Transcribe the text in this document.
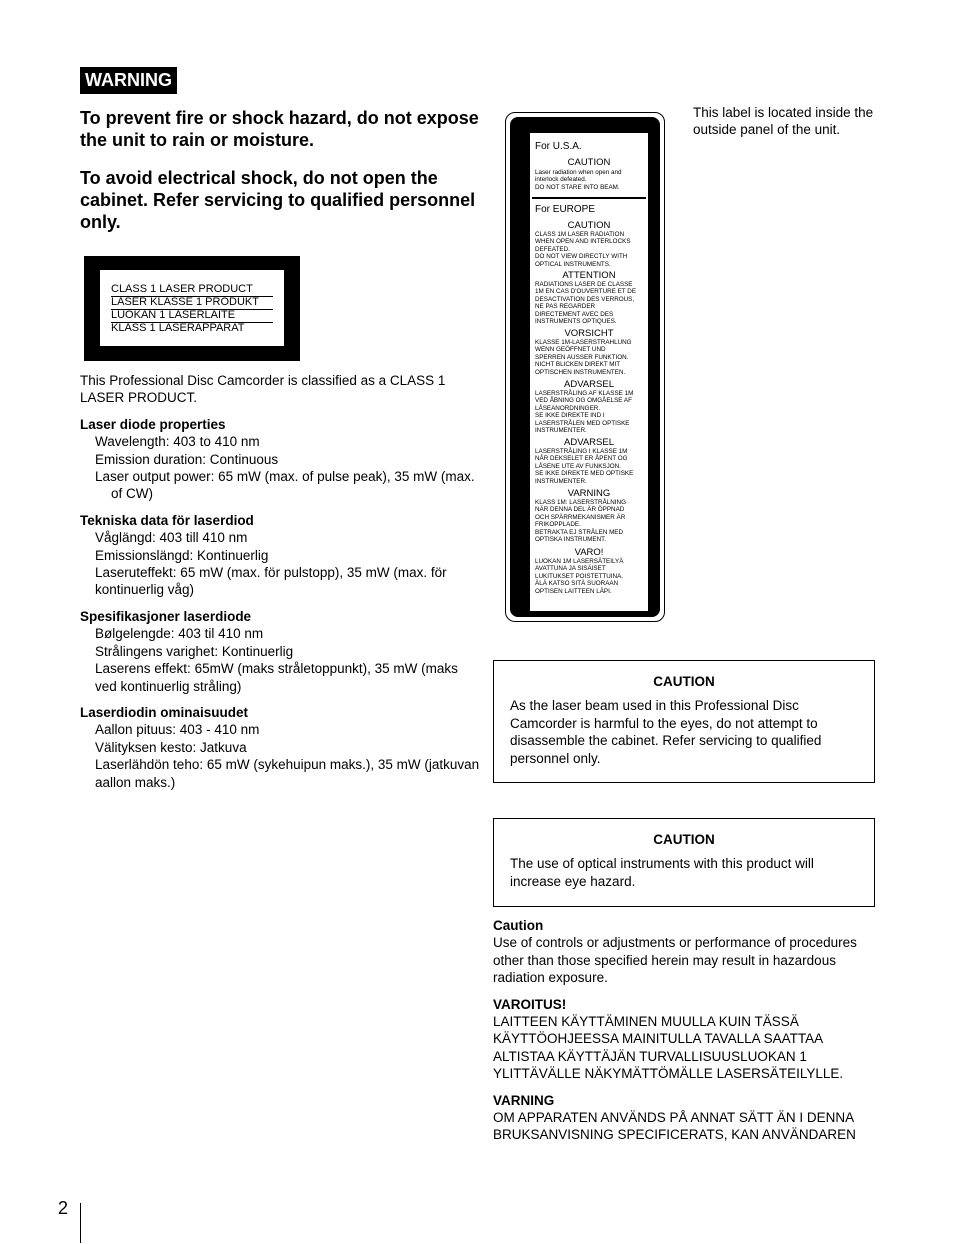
WARNING

To prevent fire or shock hazard, do not expose the unit to rain or moisture.

To avoid electrical shock, do not open the cabinet. Refer servicing to qualified personnel only.

CLASS 1 LASER PRODUCT
LASER KLASSE 1 PRODUKT
LUOKAN 1 LASERLAITE
KLASS 1 LASERAPPARAT
This Professional Disc Camcorder is classified as a CLASS 1 LASER PRODUCT.
Laser diode properties
Wavelength: 403 to 410 nm
Emission duration: Continuous
Laser output power: 65 mW (max. of pulse peak), 35 mW (max. of CW)
Tekniska data för laserdiod
Våglängd: 403 till 410 nm
Emissionslängd: Kontinuerlig
Laseruteffekt: 65 mW (max. för pulstopp), 35 mW (max. för kontinuerlig våg)
Spesifikasjoner laserdiode
Bølgelengde: 403 til 410 nm
Strålingens varighet: Kontinuerlig
Laserens effekt: 65mW (maks stråletoppunkt), 35 mW (maks ved kontinuerlig stråling)
Laserdiodin ominaisuudet
Aallon pituus: 403 - 410 nm
Välityksen kesto: Jatkuva
Laserlähdön teho: 65 mW (sykehuipun maks.), 35 mW (jatkuvan aallon maks.)
For U.S.A.
CAUTION
Laser radiation when open and
interlock defeated.
DO NOT STARE INTO BEAM.
For EUROPE
CAUTION
CLASS 1M LASER RADIATION
WHEN OPEN AND INTERLOCKS
DEFEATED.
DO NOT VIEW DIRECTLY WITH
OPTICAL INSTRUMENTS.
ATTENTION
RADIATIONS LASER DE CLASSE
1M EN CAS D'OUVERTURE ET DE
DESACTIVATION DES VERROUS,
NE PAS REGARDER
DIRECTEMENT AVEC DES
INSTRUMENTS OPTIQUES.
VORSICHT
KLASSE 1M-LASERSTRAHLUNG
WENN GEÖFFNET UND
SPERREN AUSSER FUNKTION.
NICHT BLICKEN DIREKT MIT
OPTISCHEN INSTRUMENTEN.
ADVARSEL
LASERSTRÅLING AF KLASSE 1M
VED ÅBNING OG OMGÅELSE AF
LÅSEANORDNINGER.
SE IKKE DIREKTE IND I
LASERSTRÅLEN MED OPTISKE
INSTRUMENTER.
ADVARSEL
LASERSTRÅLING I KLASSE 1M
NÅR DEKSELET ER ÅPENT OG
LÅSENE UTE AV FUNKSJON.
SE IKKE DIREKTE MED OPTISKE
INSTRUMENTER.
VARNING
KLASS 1M: LASERSTRÅLNING
NÄR DENNA DEL ÄR ÖPPNAD
OCH SPÄRRMEKANISMER ÄR
FRIKOPPLADE.
BETRAKTA EJ STRÅLEN MED
OPTISKA INSTRUMENT.
VARO!
LUOKAN 1M LASERSÄTEILYÄ
AVATTUNA JA SISÄISET
LUKITUKSET POISTETTUINA.
ÄLÄ KATSO SITÄ SUORAAN
OPTISEN LAITTEEN LÄPI.
This label is located inside the outside panel of the unit.
CAUTION
As the laser beam used in this Professional Disc Camcorder is harmful to the eyes, do not attempt to disassemble the cabinet. Refer servicing to qualified personnel only.
CAUTION
The use of optical instruments with this product will increase eye hazard.
Caution
Use of controls or adjustments or performance of procedures other than those specified herein may result in hazardous radiation exposure.
VAROITUS!
LAITTEEN KÄYTTÄMINEN MUULLA KUIN TÄSSÄ KÄYTTÖOHJEESSA MAINITULLA TAVALLA SAATTAA ALTISTAA KÄYTTÄJÄN TURVALLISUUSLUOKAN 1 YLITTÄVÄLLE NÄKYMÄTTÖMÄLLE LASERSÄTEILYLLE.
VARNING
OM APPARATEN ANVÄNDS PÅ ANNAT SÄTT ÄN I DENNA BRUKSANVISNING SPECIFICERATS, KAN ANVÄNDAREN
2
